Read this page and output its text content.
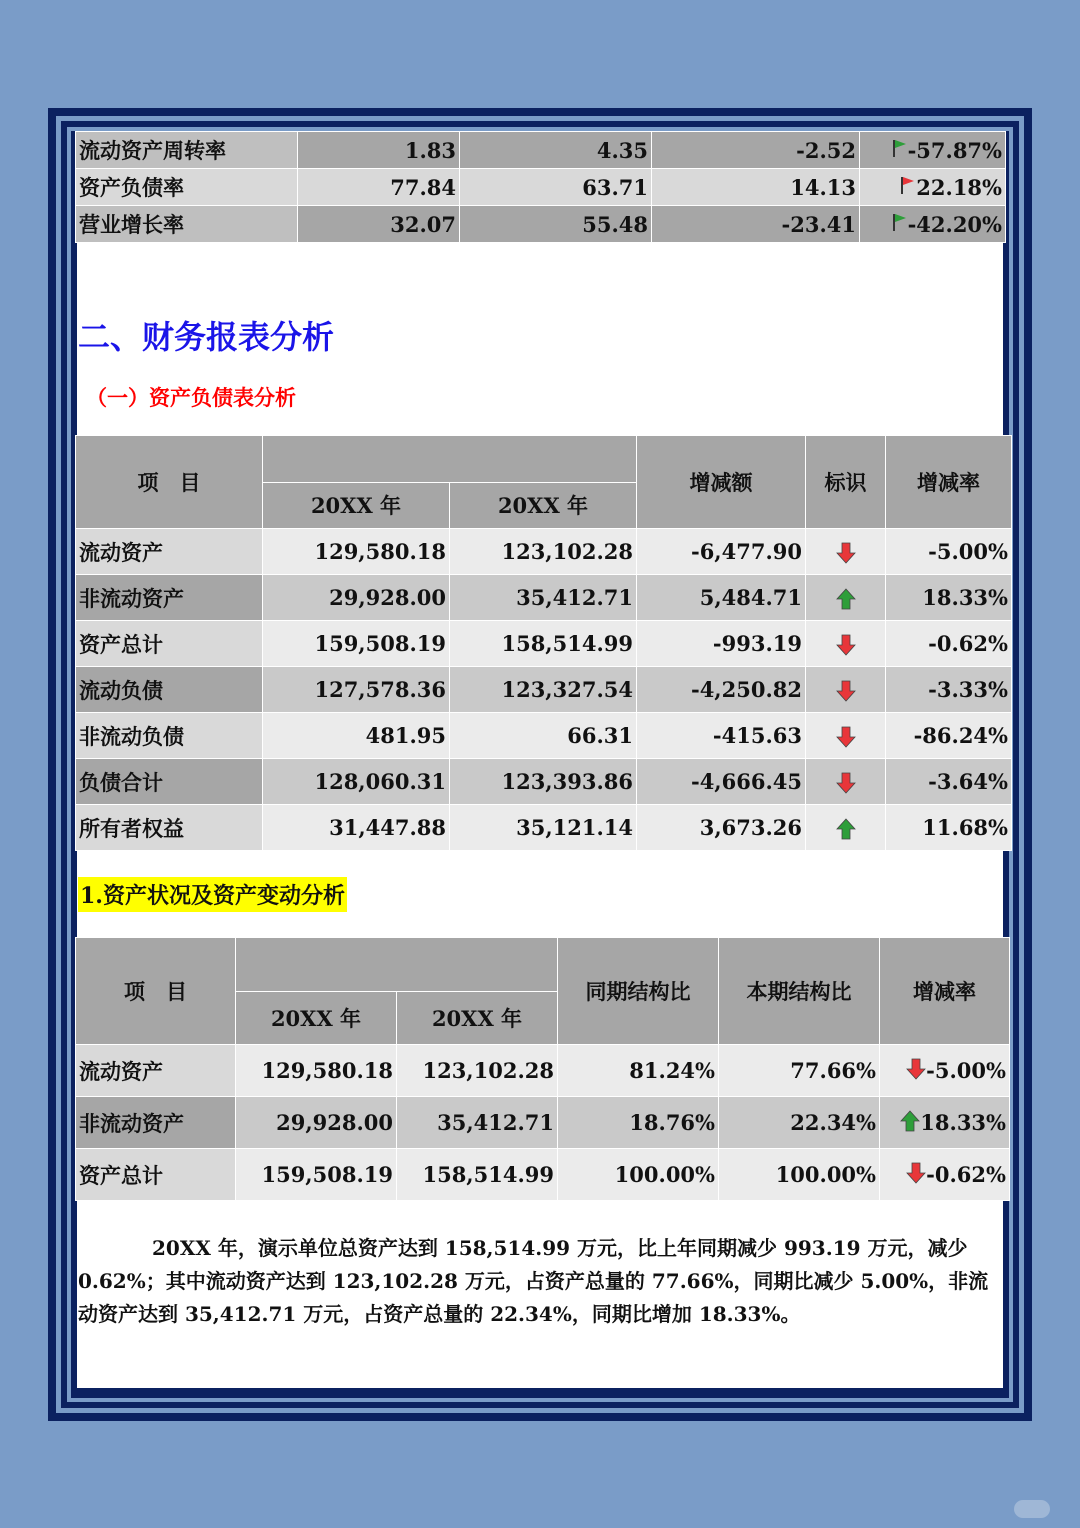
流动资产周转率	1.83	4.35	-2.52	-57.87%
资产负债率	77.84	63.71	14.13	22.18%
营业增长率	32.07	55.48	-23.41	-42.20%
二、财务报表分析
（一）资产负债表分析
项　目			增减额	标识	增减率
	20XX 年	20XX 年			
流动资产	129,580.18	123,102.28	-6,477.90		-5.00%
非流动资产	29,928.00	35,412.71	5,484.71		18.33%
资产总计	159,508.19	158,514.99	-993.19		-0.62%
流动负债	127,578.36	123,327.54	-4,250.82		-3.33%
非流动负债	481.95	66.31	-415.63		-86.24%
负债合计	128,060.31	123,393.86	-4,666.45		-3.64%
所有者权益	31,447.88	35,121.14	3,673.26		11.68%
1.资产状况及资产变动分析
项　目			同期结构比	本期结构比	增减率
	20XX 年	20XX 年			
流动资产	129,580.18	123,102.28	81.24%	77.66%	-5.00%
非流动资产	29,928.00	35,412.71	18.76%	22.34%	18.33%
资产总计	159,508.19	158,514.99	100.00%	100.00%	-0.62%
20XX 年，演示单位总资产达到 158,514.99 万元，比上年同期减少 993.19 万元，减少 0.62%；其中流动资产达到 123,102.28 万元，占资产总量的 77.66%，同期比减少 5.00%，非流动资产达到 35,412.71 万元，占资产总量的 22.34%，同期比增加 18.33%。
